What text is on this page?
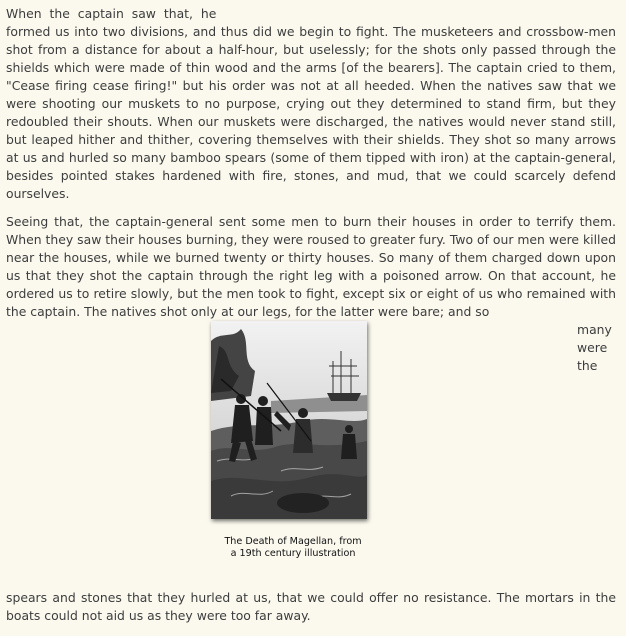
When the captain saw that, he

formed us into two divisions, and thus did we begin to fight. The musketeers and crossbow-men shot from a distance for about a half-hour, but uselessly; for the shots only passed through the shields which were made of thin wood and the arms [of the bearers]. The captain cried to them, "Cease firing cease firing!" but his order was not at all heeded. When the natives saw that we were shooting our muskets to no purpose, crying out they determined to stand firm, but they redoubled their shouts. When our muskets were discharged, the natives would never stand still, but leaped hither and thither, covering themselves with their shields. They shot so many arrows at us and hurled so many bamboo spears (some of them tipped with iron) at the captain-general, besides pointed stakes hardened with fire, stones, and mud, that we could scarcely defend ourselves.

Seeing that, the captain-general sent some men to burn their houses in order to terrify them. When they saw their houses burning, they were roused to greater fury. Two of our men were killed near the houses, while we burned twenty or thirty houses. So many of them charged down upon us that they shot the captain through the right leg with a poisoned arrow. On that account, he ordered us to retire slowly, but the men took to fight, except six or eight of us who remained with the captain. The natives shot only at our legs, for the latter were bare; and so

The Death of Magellan, from
a 19th century illustration
many
were
the

spears and stones that they hurled at us, that we could offer no resistance. The mortars in the boats could not aid us as they were too far away.
